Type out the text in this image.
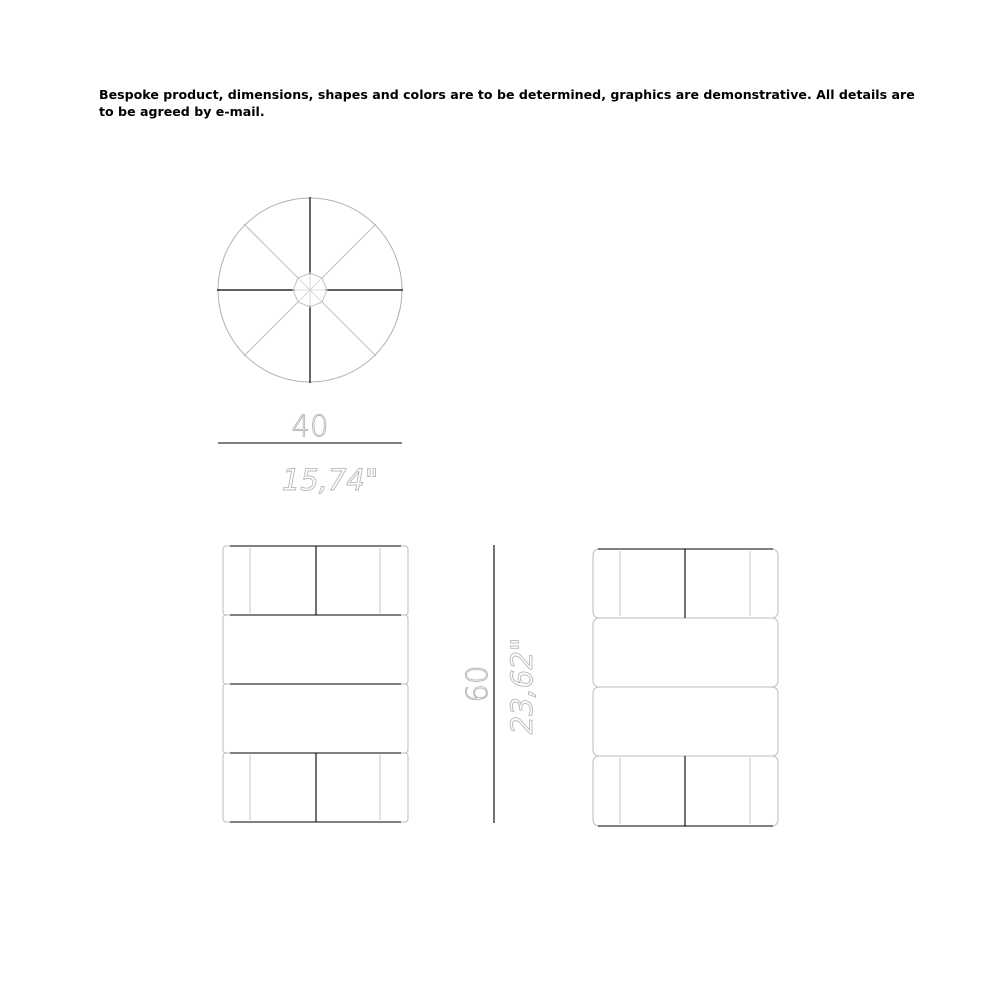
Bespoke product, dimensions, shapes and colors are to be determined, graphics are demonstrative. All details are to be agreed by e-mail.
40
15,74"
60 23,62"
